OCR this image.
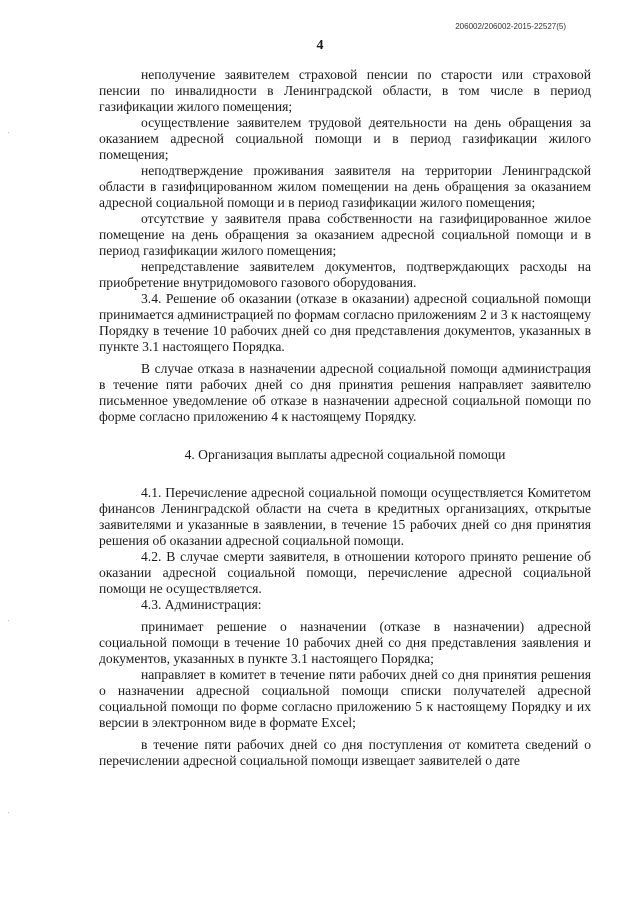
206002/206002-2015-22527(5)
4

неполучение заявителем страховой пенсии по старости или страховой пенсии по инвалидности в Ленинградской области, в том числе в период газификации жилого помещения;

осуществление заявителем трудовой деятельности на день обращения за оказанием адресной социальной помощи и в период газификации жилого помещения;

неподтверждение проживания заявителя на территории Ленинградской области в газифицированном жилом помещении на день обращения за оказанием адресной социальной помощи и в период газификации жилого помещения;

отсутствие у заявителя права собственности на газифицированное жилое помещение на день обращения за оказанием адресной социальной помощи и в период газификации жилого помещения;

непредставление заявителем документов, подтверждающих расходы на приобретение внутридомового газового оборудования.

3.4. Решение об оказании (отказе в оказании) адресной социальной помощи принимается администрацией по формам согласно приложениям 2 и 3 к настоящему Порядку в течение 10 рабочих дней со дня представления документов, указанных в пункте 3.1 настоящего Порядка.

В случае отказа в назначении адресной социальной помощи администрация в течение пяти рабочих дней со дня принятия решения направляет заявителю письменное уведомление об отказе в назначении адресной социальной помощи по форме согласно приложению 4 к настоящему Порядку.

4. Организация выплаты адресной социальной помощи

4.1. Перечисление адресной социальной помощи осуществляется Комитетом финансов Ленинградской области на счета в кредитных организациях, открытые заявителями и указанные в заявлении, в течение 15 рабочих дней со дня принятия решения об оказании адресной социальной помощи.

4.2. В случае смерти заявителя, в отношении которого принято решение об оказании адресной социальной помощи, перечисление адресной социальной помощи не осуществляется.

4.3. Администрация:

принимает решение о назначении (отказе в назначении) адресной социальной помощи в течение 10 рабочих дней со дня представления заявления и документов, указанных в пункте 3.1 настоящего Порядка;

направляет в комитет в течение пяти рабочих дней со дня принятия решения о назначении адресной социальной помощи списки получателей адресной социальной помощи по форме согласно приложению 5 к настоящему Порядку и их версии в электронном виде в формате Excel;

в течение пяти рабочих дней со дня поступления от комитета сведений о перечислении адресной социальной помощи извещает заявителей о дате
